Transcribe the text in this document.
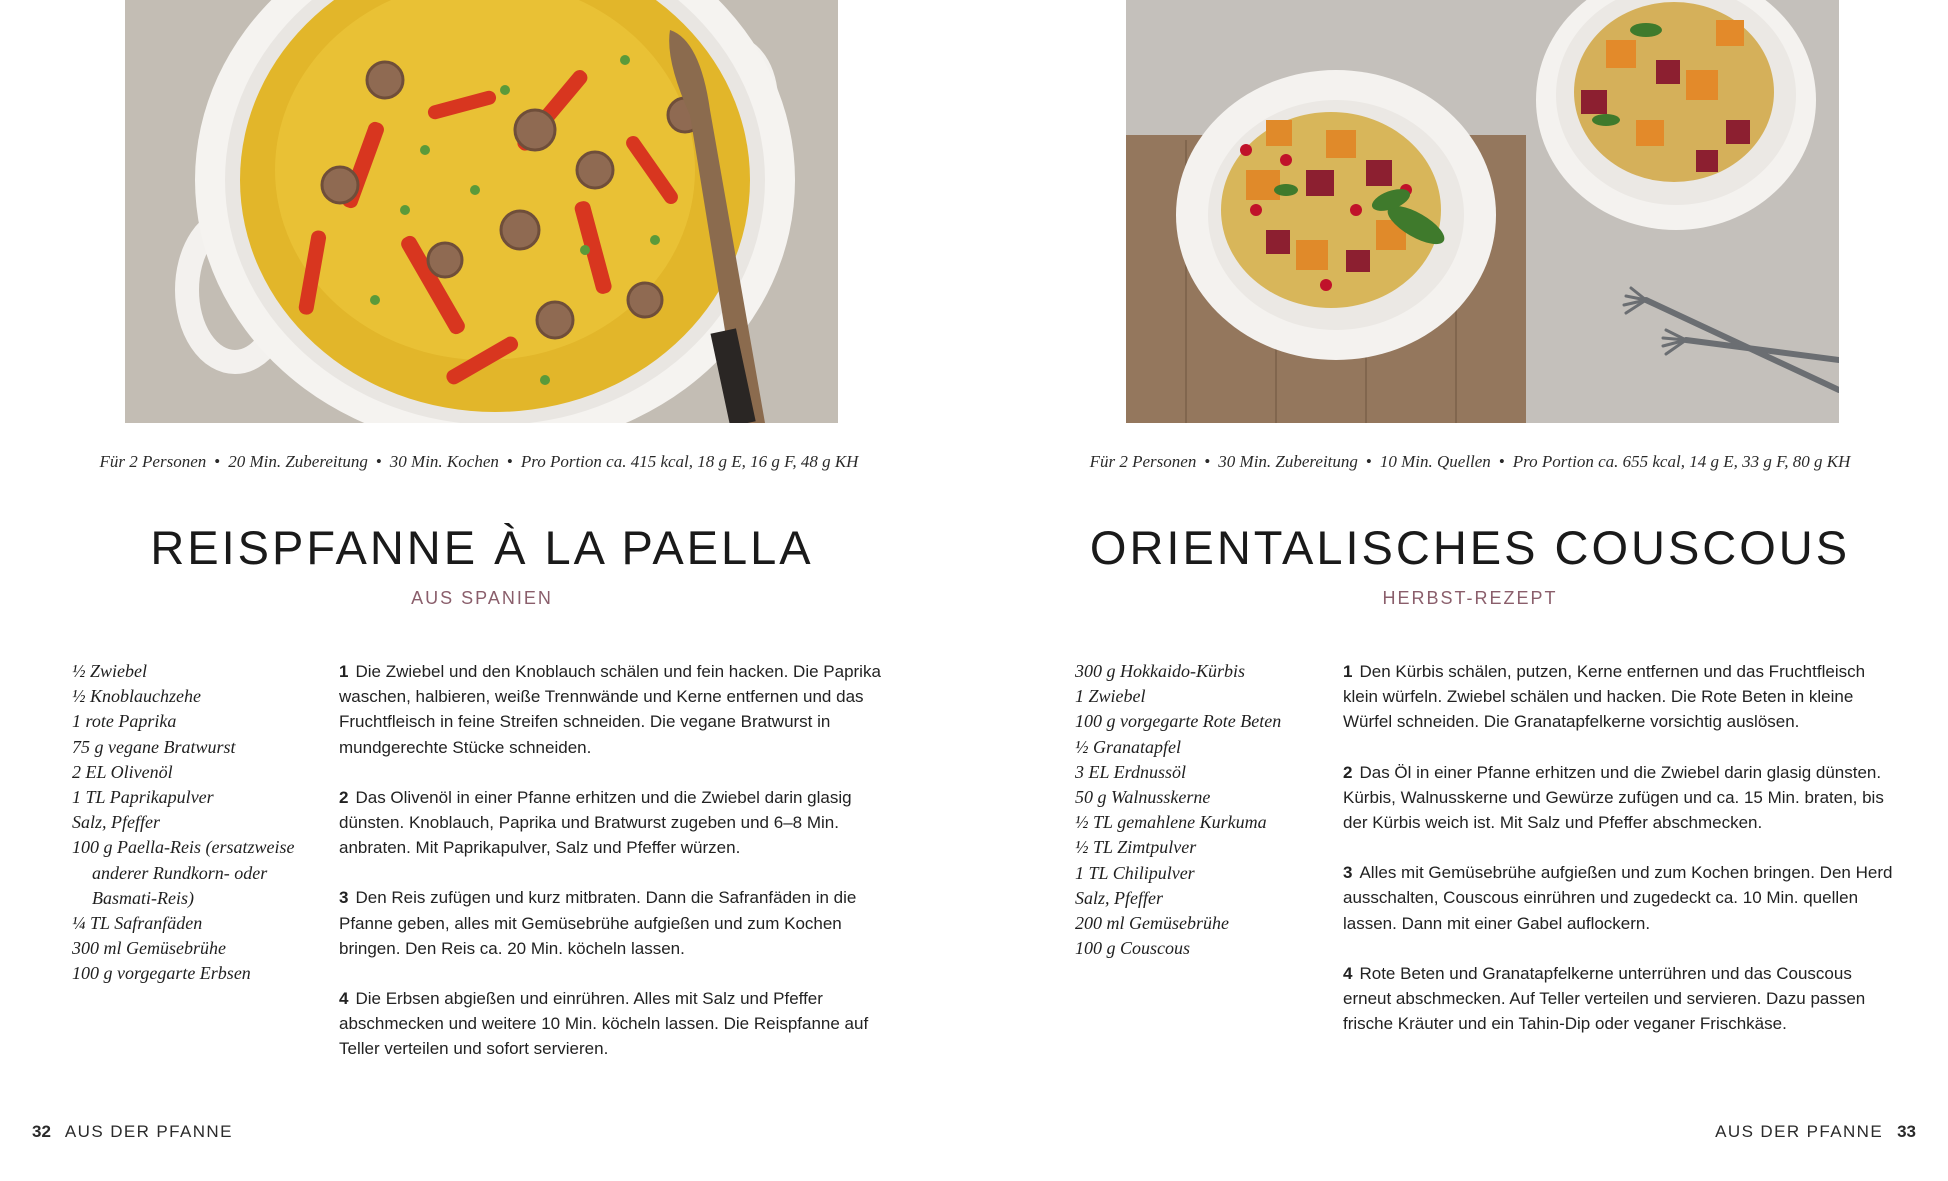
Für 2 Personen • 20 Min. Zubereitung • 30 Min. Kochen • Pro Portion ca. 415 kcal, 18 g E, 16 g F, 48 g KH
REISPFANNE À LA PAELLA
AUS SPANIEN
½ Zwiebel
½ Knoblauchzehe
1 rote Paprika
75 g vegane Bratwurst
2 EL Olivenöl
1 TL Paprikapulver
Salz, Pfeffer
100 g Paella-Reis (ersatzweise anderer Rundkorn- oder Basmati-Reis)
¼ TL Safranfäden
300 ml Gemüsebrühe
100 g vorgegarte Erbsen

1 Die Zwiebel und den Knoblauch schälen und fein hacken. Die Paprika waschen, halbieren, weiße Trennwände und Kerne entfernen und das Fruchtfleisch in feine Streifen schneiden. Die vegane Bratwurst in mundgerechte Stücke schneiden.

2 Das Olivenöl in einer Pfanne erhitzen und die Zwiebel darin glasig dünsten. Knoblauch, Paprika und Bratwurst zugeben und 6–8 Min. anbraten. Mit Paprikapulver, Salz und Pfeffer würzen.

3 Den Reis zufügen und kurz mitbraten. Dann die Safranfäden in die Pfanne geben, alles mit Gemüsebrühe aufgießen und zum Kochen bringen. Den Reis ca. 20 Min. köcheln lassen.

4 Die Erbsen abgießen und einrühren. Alles mit Salz und Pfeffer abschmecken und weitere 10 Min. köcheln lassen. Die Reispfanne auf Teller verteilen und sofort servieren.

32 AUS DER PFANNE
Für 2 Personen • 30 Min. Zubereitung • 10 Min. Quellen • Pro Portion ca. 655 kcal, 14 g E, 33 g F, 80 g KH
ORIENTALISCHES COUSCOUS
HERBST-REZEPT
300 g Hokkaido-Kürbis
1 Zwiebel
100 g vorgegarte Rote Beten
½ Granatapfel
3 EL Erdnussöl
50 g Walnusskerne
½ TL gemahlene Kurkuma
½ TL Zimtpulver
1 TL Chilipulver
Salz, Pfeffer
200 ml Gemüsebrühe
100 g Couscous

1 Den Kürbis schälen, putzen, Kerne entfernen und das Fruchtfleisch klein würfeln. Zwiebel schälen und hacken. Die Rote Beten in kleine Würfel schneiden. Die Granatapfelkerne vorsichtig auslösen.

2 Das Öl in einer Pfanne erhitzen und die Zwiebel darin glasig dünsten. Kürbis, Walnusskerne und Gewürze zufügen und ca. 15 Min. braten, bis der Kürbis weich ist. Mit Salz und Pfeffer abschmecken.

3 Alles mit Gemüsebrühe aufgießen und zum Kochen bringen. Den Herd ausschalten, Couscous einrühren und zugedeckt ca. 10 Min. quellen lassen. Dann mit einer Gabel auflockern.

4 Rote Beten und Granatapfelkerne unterrühren und das Couscous erneut abschmecken. Auf Teller verteilen und servieren. Dazu passen frische Kräuter und ein Tahin-Dip oder veganer Frischkäse.

AUS DER PFANNE 33
